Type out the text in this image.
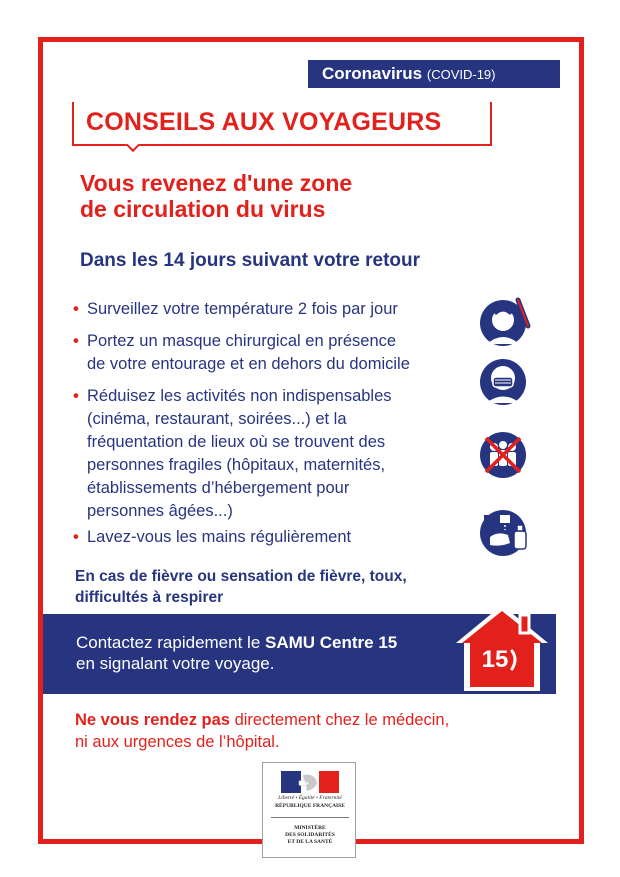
Coronavirus (COVID-19)
CONSEILS AUX VOYAGEURS
Vous revenez d'une zone
de circulation du virus
Dans les 14 jours suivant votre retour
• Surveillez votre température 2 fois par jour
• Portez un masque chirurgical en présence
de votre entourage et en dehors du domicile
• Réduisez les activités non indispensables
(cinéma, restaurant, soirées...) et la
fréquentation de lieux où se trouvent des
personnes fragiles (hôpitaux, maternités,
établissements d’hébergement pour
personnes âgées...)
• Lavez-vous les mains régulièrement
En cas de fièvre ou sensation de fièvre, toux,
difficultés à respirer
Contactez rapidement le SAMU Centre 15
en signalant votre voyage.	15
Ne vous rendez pas directement chez le médecin,
ni aux urgences de l’hôpital.
Liberté • Égalité • Fraternité
RÉPUBLIQUE FRANÇAISE
MINISTÈRE
DES SOLIDARITÉS
ET DE LA SANTÉ
